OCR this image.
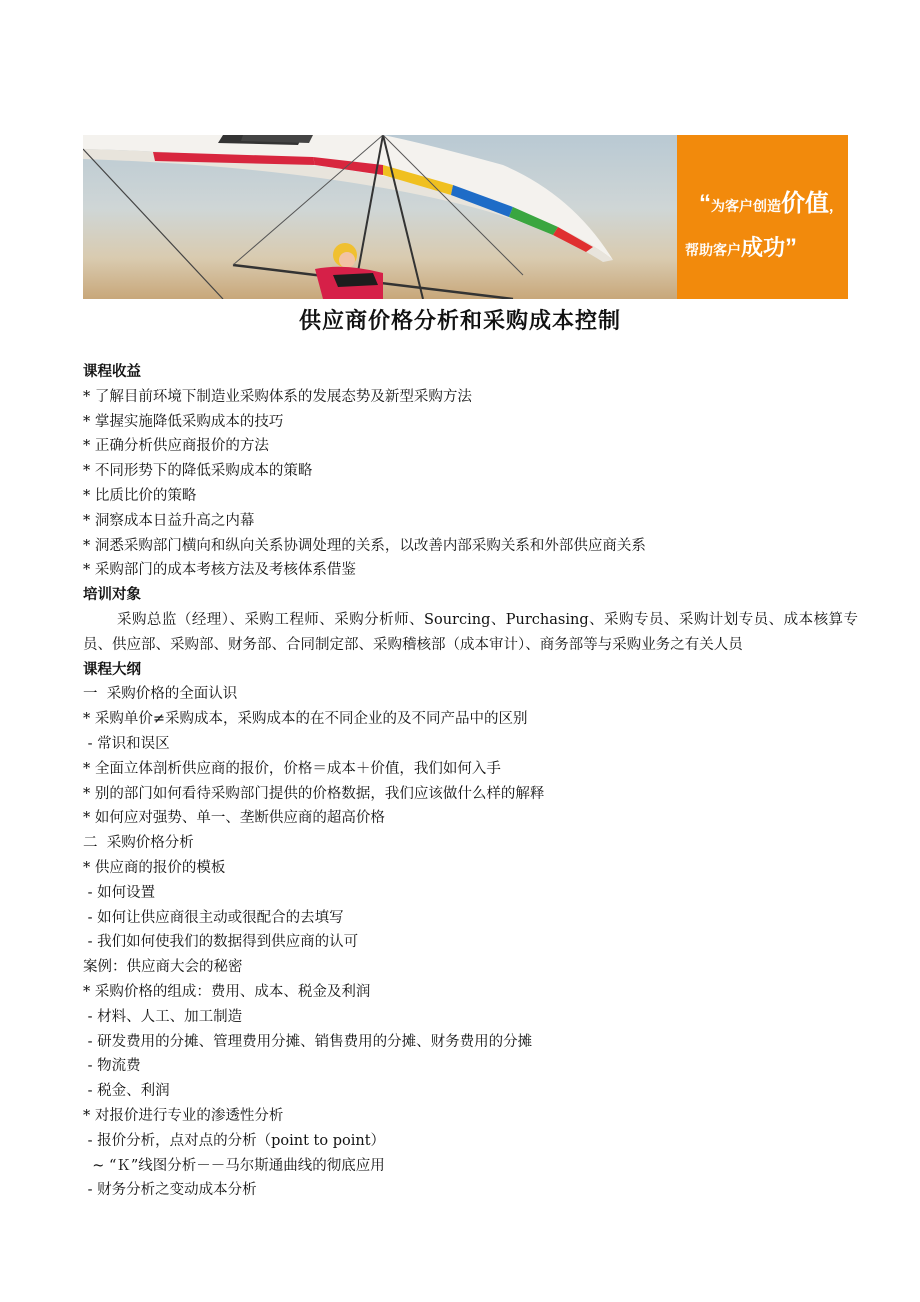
“为客户创造价值，
帮助客户成功”
供应商价格分析和采购成本控制
课程收益
* 了解目前环境下制造业采购体系的发展态势及新型采购方法
* 掌握实施降低采购成本的技巧
* 正确分析供应商报价的方法
* 不同形势下的降低采购成本的策略
* 比质比价的策略
* 洞察成本日益升高之内幕
* 洞悉采购部门横向和纵向关系协调处理的关系，以改善内部采购关系和外部供应商关系
* 采购部门的成本考核方法及考核体系借鉴
培训对象
采购总监（经理）、采购工程师、采购分析师、Sourcing、Purchasing、采购专员、采购计划专员、成本核算专员、供应部、采购部、财务部、合同制定部、采购稽核部（成本审计）、商务部等与采购业务之有关人员
课程大纲
一  采购价格的全面认识
* 采购单价≠采购成本，采购成本的在不同企业的及不同产品中的区别
- 常识和误区
* 全面立体剖析供应商的报价，价格＝成本＋价值，我们如何入手
* 别的部门如何看待采购部门提供的价格数据，我们应该做什么样的解释
* 如何应对强势、单一、垄断供应商的超高价格
二  采购价格分析
* 供应商的报价的模板
- 如何设置
- 如何让供应商很主动或很配合的去填写
- 我们如何使我们的数据得到供应商的认可
案例：供应商大会的秘密
* 采购价格的组成：费用、成本、税金及利润
- 材料、人工、加工制造
- 研发费用的分摊、管理费用分摊、销售费用的分摊、财务费用的分摊
- 物流费
- 税金、利润
* 对报价进行专业的渗透性分析
- 报价分析，点对点的分析（point to point）
~ “Ｋ”线图分析－－马尔斯通曲线的彻底应用
- 财务分析之变动成本分析
